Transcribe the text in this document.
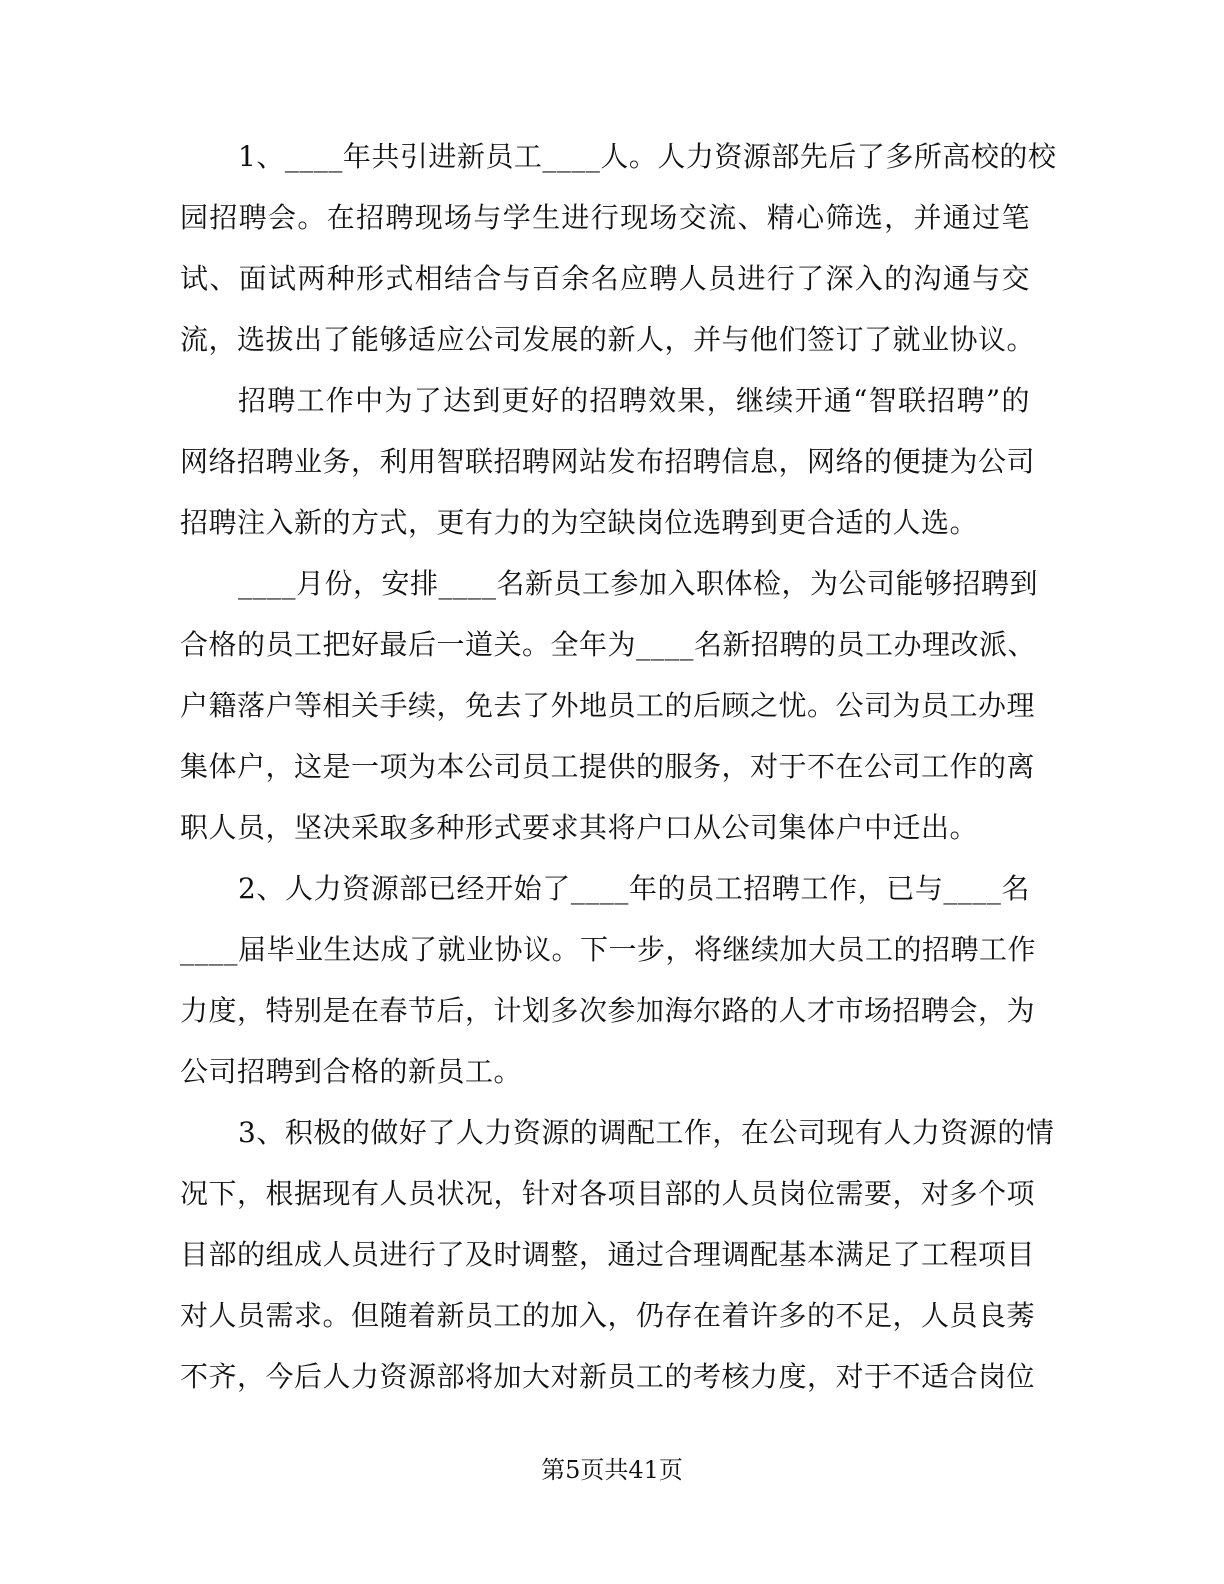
1、____年共引进新员工____人。人力资源部先后了多所高校的校
园招聘会。在招聘现场与学生进行现场交流、精心筛选，并通过笔
试、面试两种形式相结合与百余名应聘人员进行了深入的沟通与交
流，选拔出了能够适应公司发展的新人，并与他们签订了就业协议。
招聘工作中为了达到更好的招聘效果，继续开通“智联招聘”的
网络招聘业务，利用智联招聘网站发布招聘信息，网络的便捷为公司
招聘注入新的方式，更有力的为空缺岗位选聘到更合适的人选。
____月份，安排____名新员工参加入职体检，为公司能够招聘到
合格的员工把好最后一道关。全年为____名新招聘的员工办理改派、
户籍落户等相关手续，免去了外地员工的后顾之忧。公司为员工办理
集体户，这是一项为本公司员工提供的服务，对于不在公司工作的离
职人员，坚决采取多种形式要求其将户口从公司集体户中迁出。
2、人力资源部已经开始了____年的员工招聘工作，已与____名
____届毕业生达成了就业协议。下一步，将继续加大员工的招聘工作
力度，特别是在春节后，计划多次参加海尔路的人才市场招聘会，为
公司招聘到合格的新员工。
3、积极的做好了人力资源的调配工作，在公司现有人力资源的情
况下，根据现有人员状况，针对各项目部的人员岗位需要，对多个项
目部的组成人员进行了及时调整，通过合理调配基本满足了工程项目
对人员需求。但随着新员工的加入，仍存在着许多的不足，人员良莠
不齐，今后人力资源部将加大对新员工的考核力度，对于不适合岗位
第5页共41页
